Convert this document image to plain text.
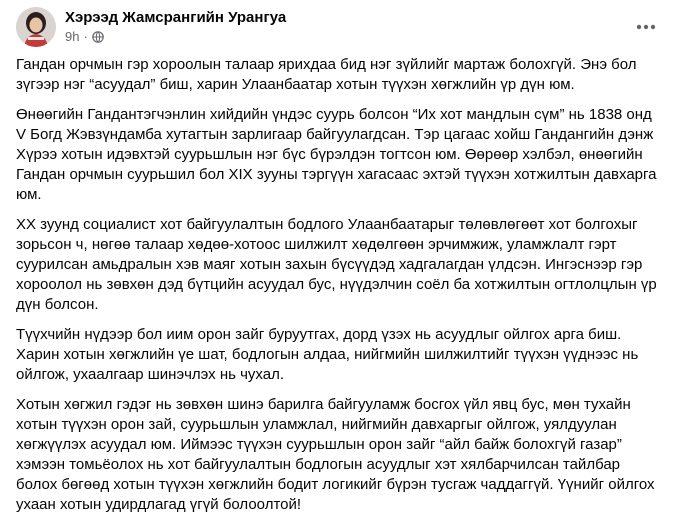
Хэрээд Жамсрангийн Урангуа
9h ·

Гандан орчмын гэр хороолын талаар ярихдаа бид нэг зүйлийг мартаж болохгүй. Энэ бол зүгээр нэг “асуудал” биш, харин Улаанбаатар хотын түүхэн хөгжлийн үр дүн юм.

Өнөөгийн Гандантэгчэнлин хийдийн үндэс суурь болсон “Их хот мандлын сүм” нь 1838 онд V Богд Жэвзүндамба хутагтын зарлигаар байгуулагдсан. Тэр цагаас хойш Гандангийн дэнж Хүрээ хотын идэвхтэй суурьшлын нэг бүс бүрэлдэн тогтсон юм. Өөрөөр хэлбэл, өнөөгийн Гандан орчмын суурьшил бол XIX зууны тэргүүн хагасаас эхтэй түүхэн хотжилтын давхарга юм.

XX зуунд социалист хот байгуулалтын бодлого Улаанбаатарыг төлөвлөгөөт хот болгохыг зорьсон ч, нөгөө талаар хөдөө-хотоос шилжилт хөдөлгөөн эрчимжиж, уламжлалт гэрт суурилсан амьдралын хэв маяг хотын захын бүсүүдэд хадгалагдан үлдсэн. Ингэснээр гэр хороолол нь зөвхөн дэд бүтцийн асуудал бус, нүүдэлчин соёл ба хотжилтын огтлолцлын үр дүн болсон.

Түүхчийн нүдээр бол иим орон зайг буруутгах, дорд үзэх нь асуудлыг ойлгох арга биш. Харин хотын хөгжлийн үе шат, бодлогын алдаа, нийгмийн шилжилтийг түүхэн үүднээс нь ойлгож, ухаалгаар шинэчлэх нь чухал.

Хотын хөгжил гэдэг нь зөвхөн шинэ барилга байгууламж босгох үйл явц бус, мөн тухайн хотын түүхэн орон зай, суурьшлын уламжлал, нийгмийн давхаргыг ойлгож, уялдуулан хөгжүүлэх асуудал юм. Иймээс түүхэн суурьшлын орон зайг “айл байж болохгүй газар” хэмээн томьёолох нь хот байгуулалтын бодлогын асуудлыг хэт хялбарчилсан тайлбар болох бөгөөд хотын түүхэн хөгжлийн бодит логикийг бүрэн тусгаж чаддаггүй. Үүнийг ойлгох ухаан хотын удирдлагад үгүй болоолтой!
